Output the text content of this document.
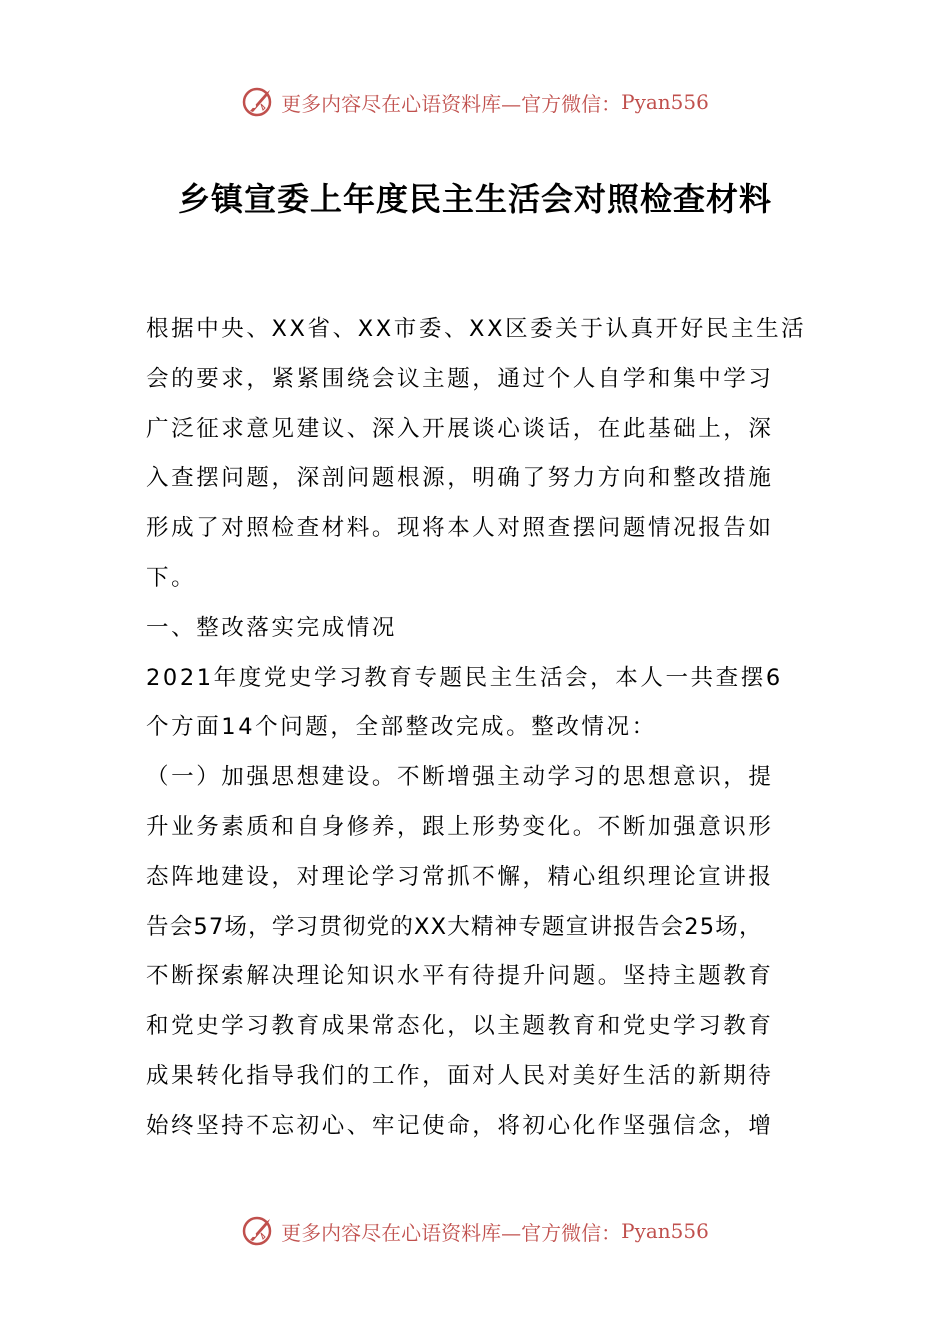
更多内容尽在心语资料库—官方微信： Pyan556
乡镇宣委上年度民主生活会对照检查材料
根据中央、XX省、XX市委、XX区委关于认真开好民主生活
会的要求，紧紧围绕会议主题，通过个人自学和集中学习
广泛征求意见建议、深入开展谈心谈话，在此基础上，深
入查摆问题，深剖问题根源，明确了努力方向和整改措施
形成了对照检查材料。现将本人对照查摆问题情况报告如
下。
一、整改落实完成情况
2021年度党史学习教育专题民主生活会，本人一共查摆6
个方面14个问题，全部整改完成。整改情况：
（一）加强思想建设。不断增强主动学习的思想意识，提
升业务素质和自身修养，跟上形势变化。不断加强意识形
态阵地建设，对理论学习常抓不懈，精心组织理论宣讲报
告会57场，学习贯彻党的XX大精神专题宣讲报告会25场，
不断探索解决理论知识水平有待提升问题。坚持主题教育
和党史学习教育成果常态化，以主题教育和党史学习教育
成果转化指导我们的工作，面对人民对美好生活的新期待
始终坚持不忘初心、牢记使命，将初心化作坚强信念，增
更多内容尽在心语资料库—官方微信： Pyan556
